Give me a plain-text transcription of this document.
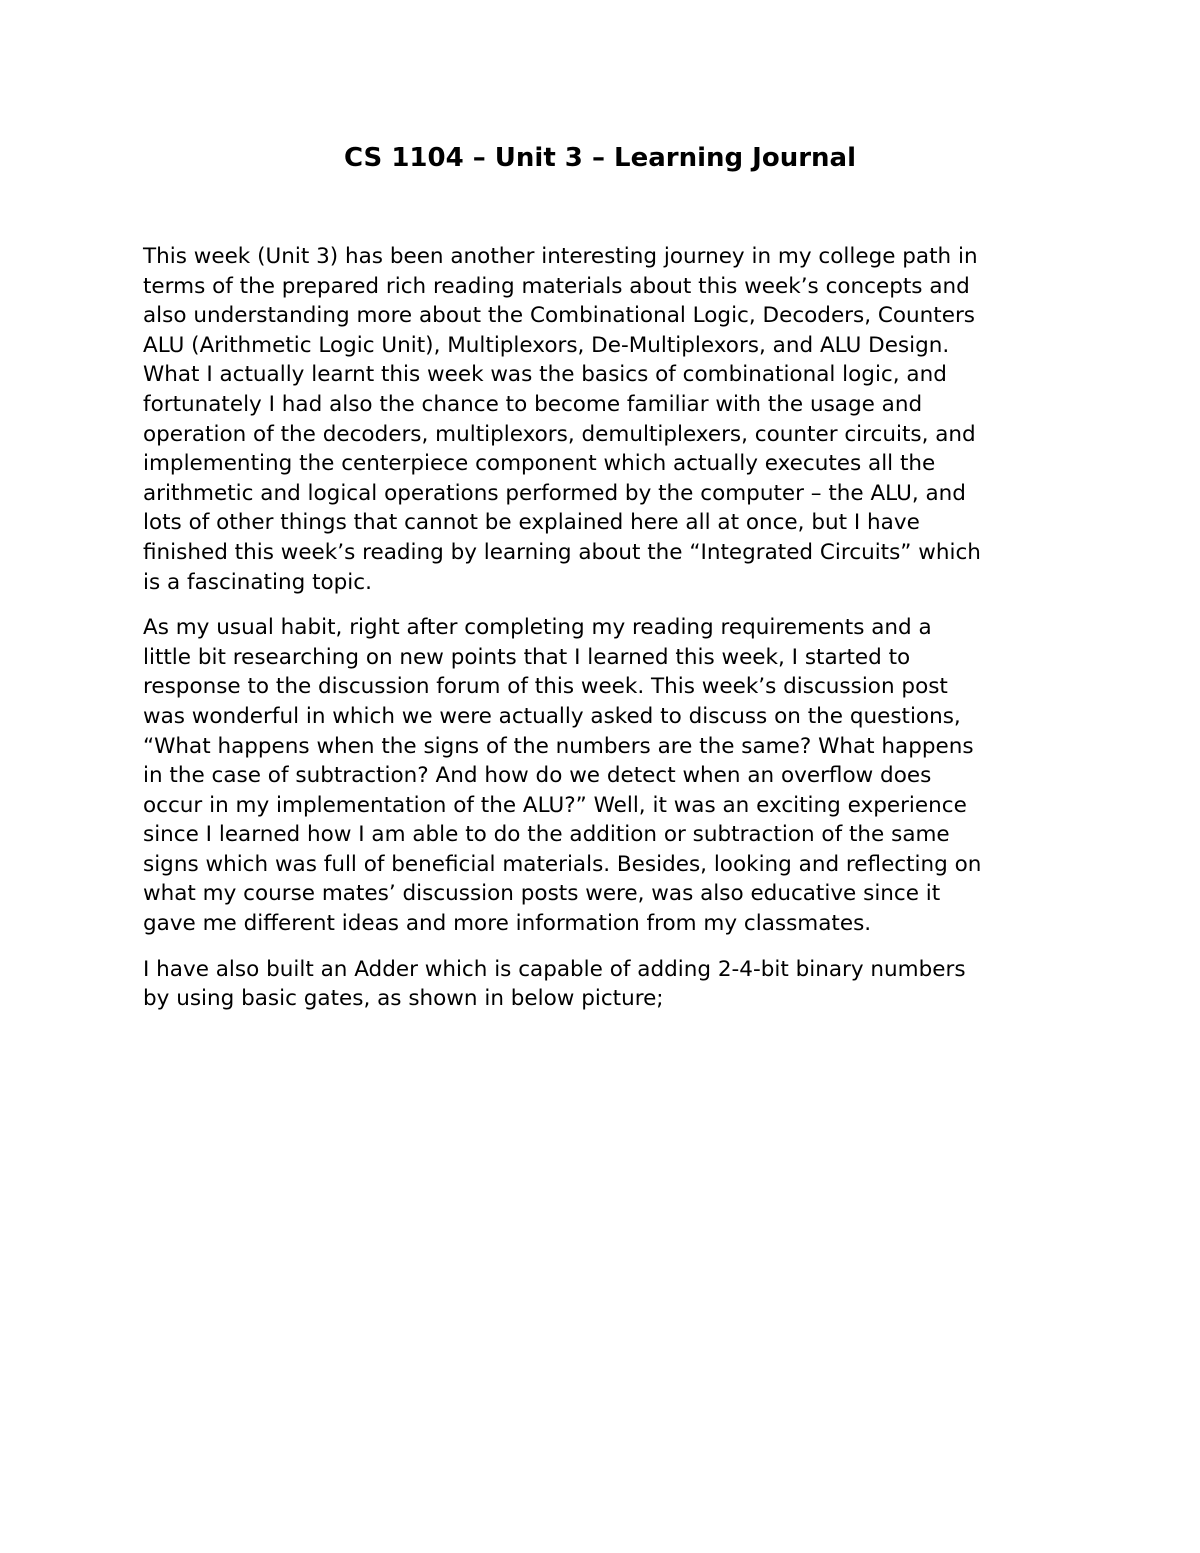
CS 1104 – Unit 3 – Learning Journal

This week (Unit 3) has been another interesting journey in my college path in
terms of the prepared rich reading materials about this week’s concepts and
also understanding more about the Combinational Logic, Decoders, Counters
ALU (Arithmetic Logic Unit), Multiplexors, De-Multiplexors, and ALU Design.
What I actually learnt this week was the basics of combinational logic, and
fortunately I had also the chance to become familiar with the usage and
operation of the decoders, multiplexors, demultiplexers, counter circuits, and
implementing the centerpiece component which actually executes all the
arithmetic and logical operations performed by the computer – the ALU, and
lots of other things that cannot be explained here all at once, but I have
finished this week’s reading by learning about the “Integrated Circuits” which
is a fascinating topic.

As my usual habit, right after completing my reading requirements and a
little bit researching on new points that I learned this week, I started to
response to the discussion forum of this week. This week’s discussion post
was wonderful in which we were actually asked to discuss on the questions,
“What happens when the signs of the numbers are the same? What happens
in the case of subtraction? And how do we detect when an overflow does
occur in my implementation of the ALU?” Well, it was an exciting experience
since I learned how I am able to do the addition or subtraction of the same
signs which was full of beneficial materials. Besides, looking and reflecting on
what my course mates’ discussion posts were, was also educative since it
gave me different ideas and more information from my classmates.

I have also built an Adder which is capable of adding 2-4-bit binary numbers
by using basic gates, as shown in below picture;
